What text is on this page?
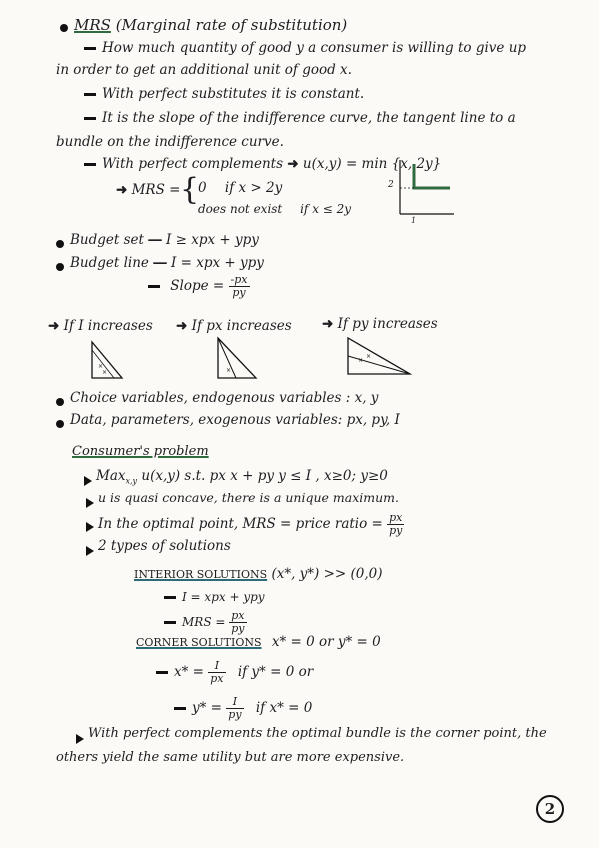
MRS (Marginal rate of substitution)
How much quantity of good y a consumer is willing to give up
in order to get an additional unit of good x.
With perfect substitutes it is constant.
It is the slope of the indifference curve, the tangent line to a
bundle on the indifference curve.
With perfect complements ➜ u(x,y) = min {x, 2y}
➜ MRS = {
0 if x > 2y
does not exist if x ≤ 2y
2
1
Budget set ― I ≥ xpx + ypy
Budget line ― I = xpx + ypy
Slope = $\frac{-px}{py}$
➜ If I increases ➜ If px increases ➜ If py increases
×
×	×
×
×
Choice variables, endogenous variables : x, y
Data, parameters, exogenous variables: px, py, I
Consumer's problem
Max$_{x,y}$ u(x,y) s.t. px x + py y ≤ I , x≥0; y≥0
u is quasi concave, there is a unique maximum.
In the optimal point, MRS = price ratio = $\frac{px}{py}$
2 types of solutions
INTERIOR SOLUTIONS (x*, y*) >> (0,0)
I = xpx + ypy
MRS = $\frac{px}{py}$
CORNER SOLUTIONS x* = 0 or y* = 0
$x* = \frac{I}{px}$ if y* = 0 or
$y* = \frac{I}{py}$ if x* = 0
With perfect complements the optimal bundle is the corner point, the
others yield the same utility but are more expensive.
2
